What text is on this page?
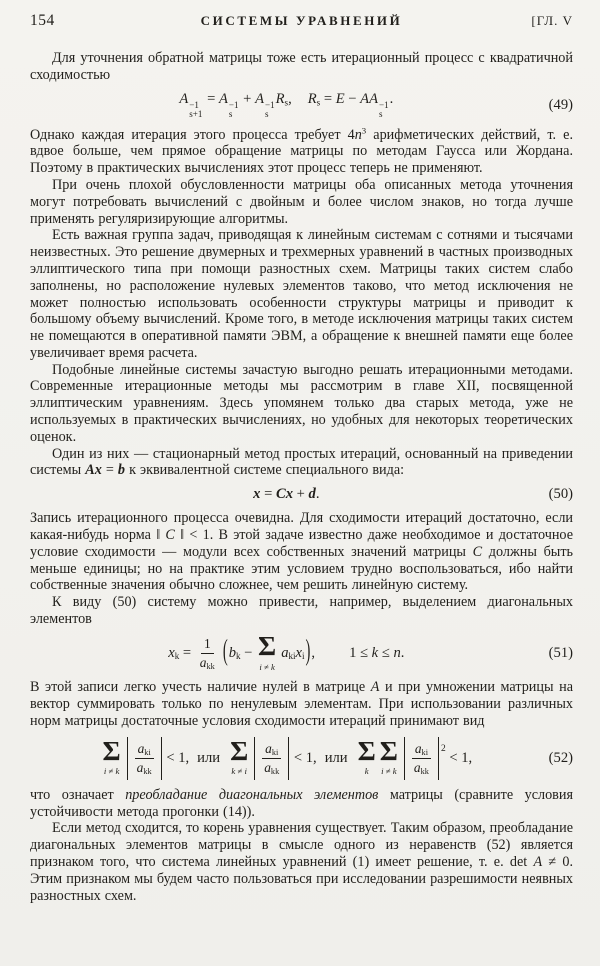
154	СИСТЕМЫ УРАВНЕНИЙ	[ГЛ. V

Для уточнения обратной матрицы тоже есть итерационный процесс с квадратичной сходимостью

A −1
s+1
= A −1
s
+ A −1
s
Rs, Rs = E − AA −1
s
.	(49)

Однако каждая итерация этого процесса требует $4n^3$ арифметических действий, т. е. вдвое больше, чем прямое обращение матрицы по методам Гаусса или Жордана. Поэтому в практических вычислениях этот процесс теперь не применяют.

При очень плохой обусловленности матрицы оба описанных метода уточнения могут потребовать вычислений с двойным и более числом знаков, но тогда лучше применять регуляризирующие алгоритмы.

Есть важная группа задач, приводящая к линейным системам с сотнями и тысячами неизвестных. Это решение двумерных и трехмерных уравнений в частных производных эллиптического типа при помощи разностных схем. Матрицы таких систем слабо заполнены, но расположение нулевых элементов таково, что метод исключения не может полностью использовать особенности структуры матрицы и приводит к большому объему вычислений. Кроме того, в методе исключения матрицы таких систем не помещаются в оперативной памяти ЭВМ, а обращение к внешней памяти еще более увеличивает время расчета.

Подобные линейные системы зачастую выгодно решать итерационными методами. Современные итерационные методы мы рассмотрим в главе XII, посвященной эллиптическим уравнениям. Здесь упомянем только два старых метода, уже не используемых в практических вычислениях, но удобных для некоторых теоретических оценок.

Один из них — стационарный метод простых итераций, основанный на приведении системы Ax = b к эквивалентной системе специального вида:

x = Cx + d.	(50)

Запись итерационного процесса очевидна. Для сходимости итераций достаточно, если какая-нибудь норма ‖ C ‖ < 1. В этой задаче известно даже необходимое и достаточное условие сходимости — модули всех собственных значений матрицы C должны быть меньше единицы; но на практике этим условием трудно воспользоваться, ибо найти собственные значения обычно сложнее, чем решить линейную систему.

К виду (50) систему можно привести, например, выделением диагональных элементов

xk =
1
akk (bk − Σ
i ≠ k
akixi), 1 ≤ k ≤ n.	(51)

В этой записи легко учесть наличие нулей в матрице A и при умножении матрицы на вектор суммировать только по ненулевым элементам. При использовании различных норм матрицы достаточные условия сходимости итераций принимают вид

Σ
i ≠ k
aki
akk
< 1, или Σ
k ≠ i
aki
akk
< 1, или Σ
k
Σ
i ≠ k
aki
akk
$^2$ < 1,	(52)

что означает преобладание диагональных элементов матрицы (сравните условия устойчивости метода прогонки (14)).

Если метод сходится, то корень уравнения существует. Таким образом, преобладание диагональных элементов матрицы в смысле одного из неравенств (52) является признаком того, что система линейных уравнений (1) имеет решение, т. е. det A ≠ 0. Этим признаком мы будем часто пользоваться при исследовании разрешимости неявных разностных схем.
